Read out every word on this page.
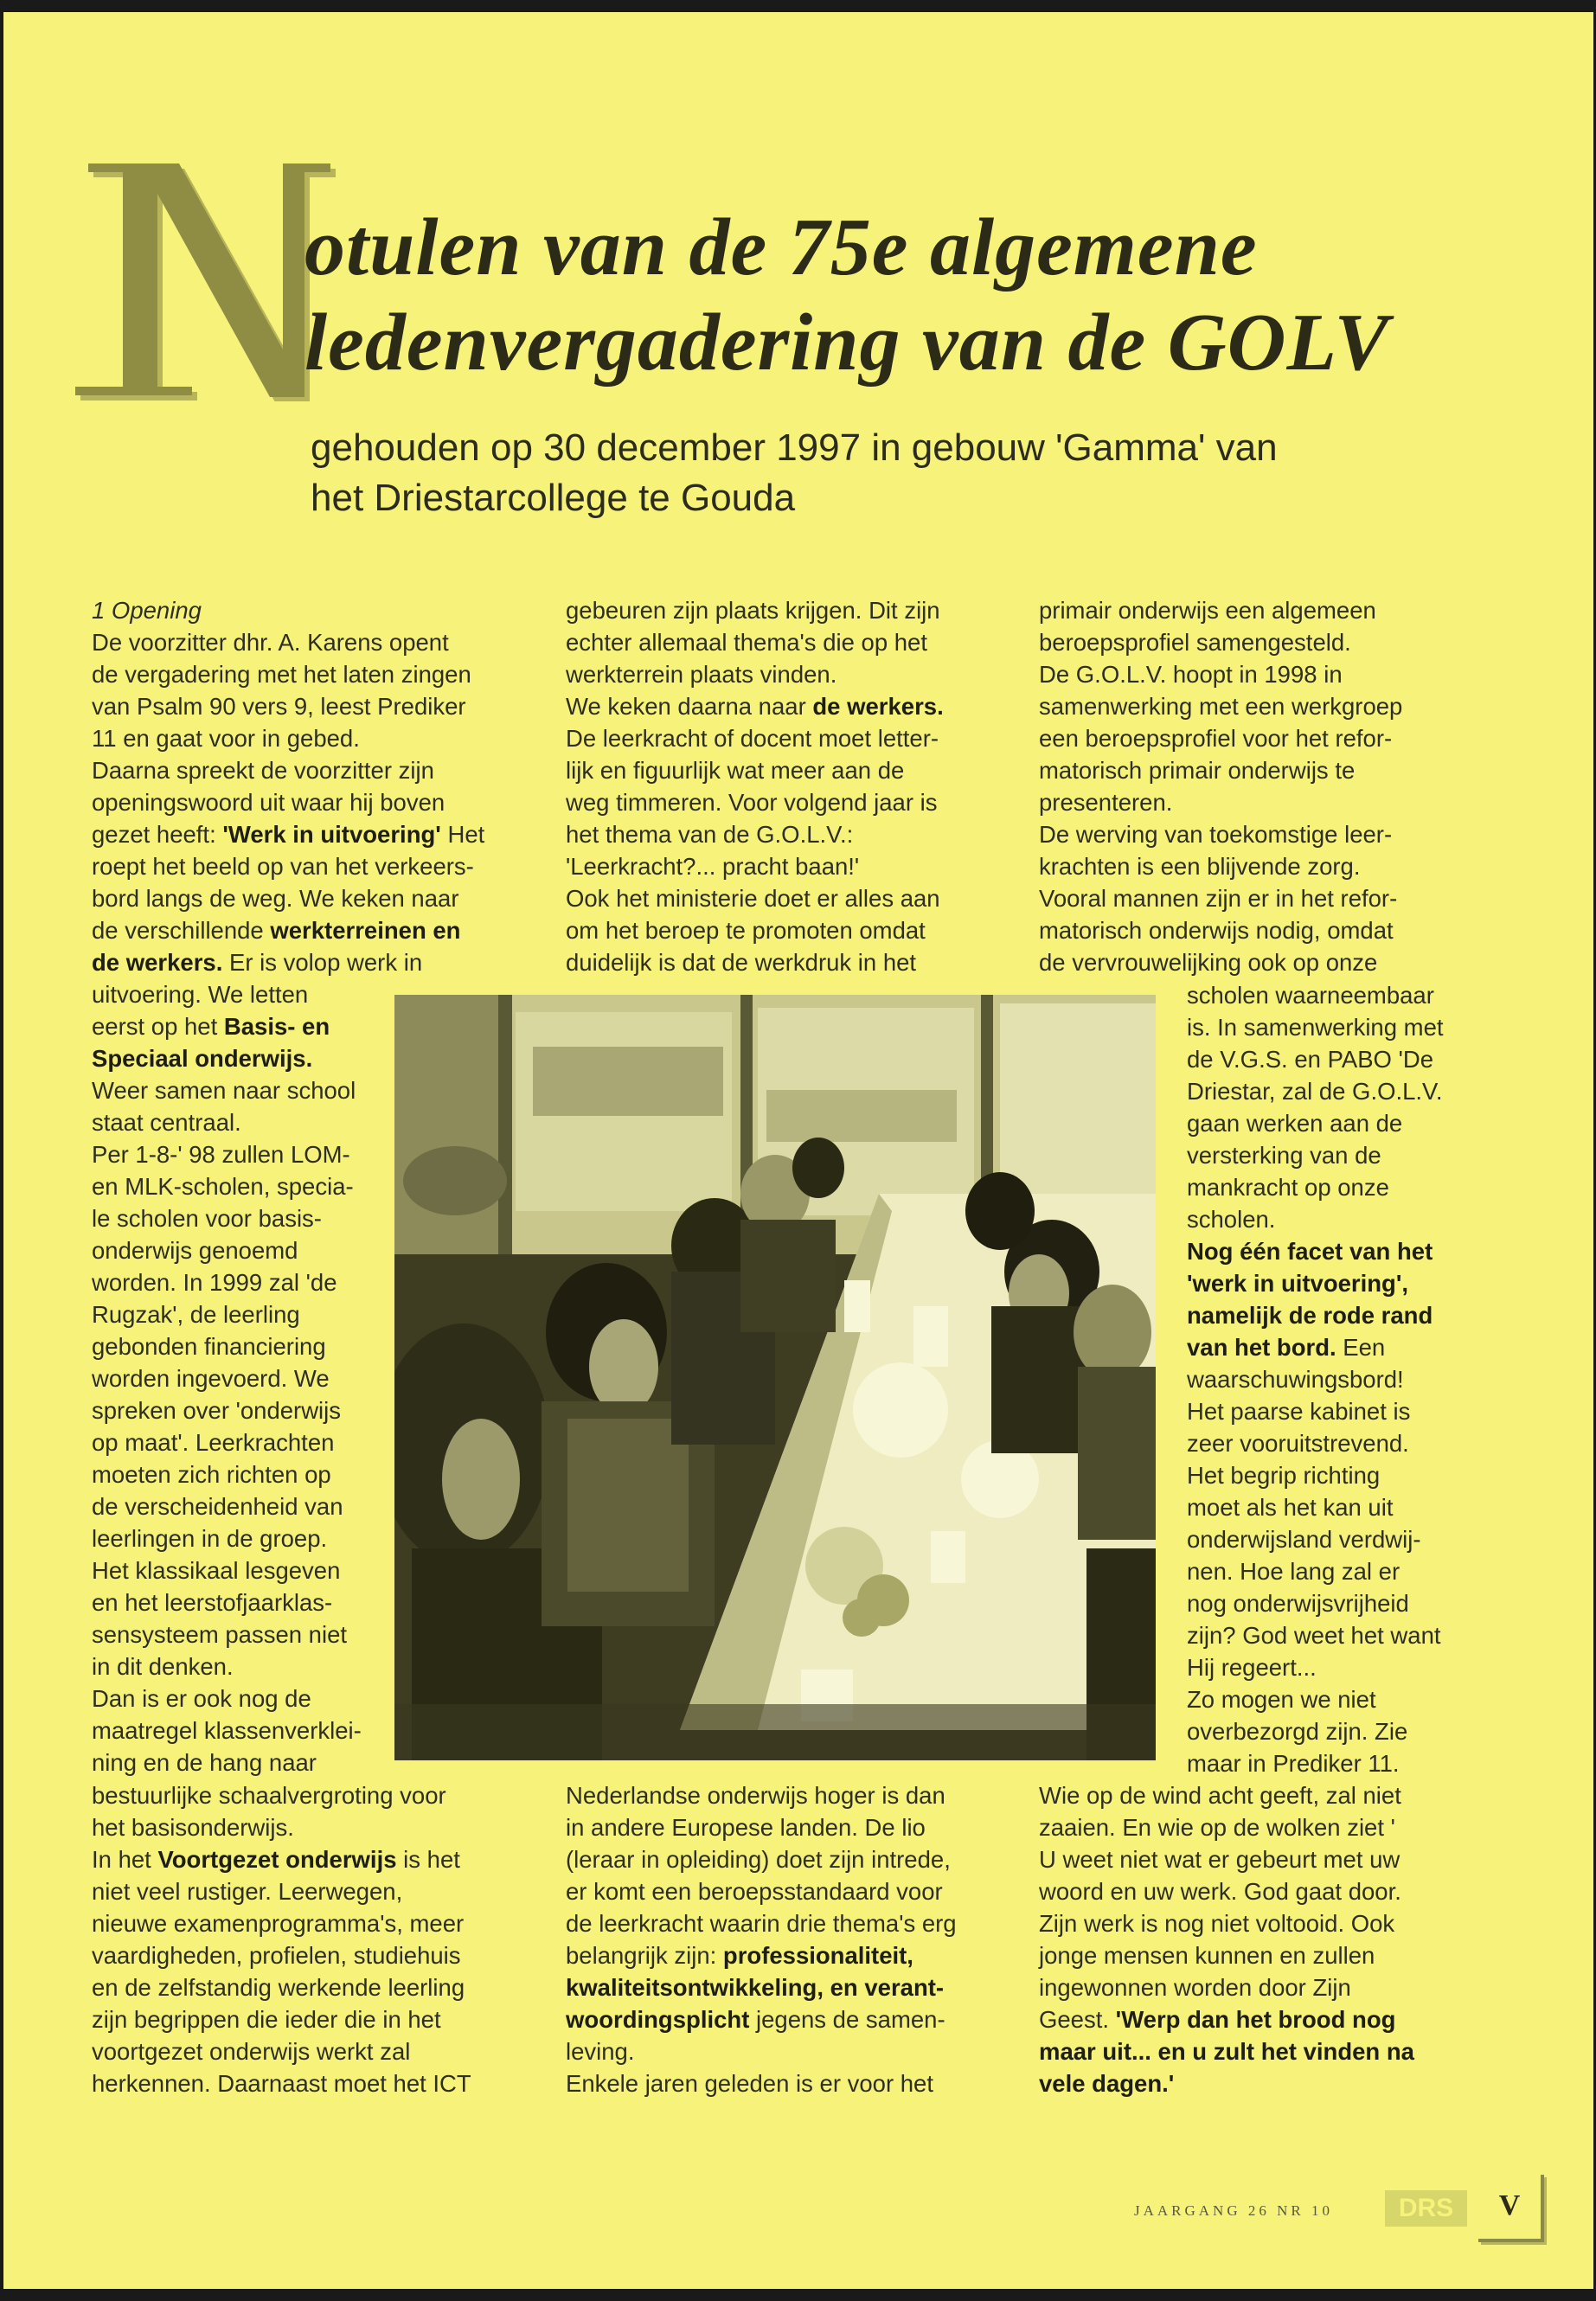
otulen van de 75e algemene
ledenvergadering van de GOLV
gehouden op 30 december 1997 in gebouw 'Gamma' van
het Driestarcollege te Gouda

1 Opening

De voorzitter dhr. A. Karens opent

de vergadering met het laten zingen

van Psalm 90 vers 9, leest Prediker

11 en gaat voor in gebed.

Daarna spreekt de voorzitter zijn

openingswoord uit waar hij boven

gezet heeft: 'Werk in uitvoering' Het

roept het beeld op van het verkeers-

bord langs de weg. We keken naar

de verschillende werkterreinen en

de werkers. Er is volop werk in

uitvoering. We letten

eerst op het Basis- en

Speciaal onderwijs.

Weer samen naar school

staat centraal.

Per 1-8-' 98 zullen LOM-

en MLK-scholen, specia-

le scholen voor basis-

onderwijs genoemd

worden. In 1999 zal 'de

Rugzak', de leerling

gebonden financiering

worden ingevoerd. We

spreken over 'onderwijs

op maat'. Leerkrachten

moeten zich richten op

de verscheidenheid van

leerlingen in de groep.

Het klassikaal lesgeven

en het leerstofjaarklas-

sensysteem passen niet

in dit denken.

Dan is er ook nog de

maatregel klassenverklei-

ning en de hang naar

bestuurlijke schaalvergroting voor

het basisonderwijs.

In het Voortgezet onderwijs is het

niet veel rustiger. Leerwegen,

nieuwe examenprogramma's, meer

vaardigheden, profielen, studiehuis

en de zelfstandig werkende leerling

zijn begrippen die ieder die in het

voortgezet onderwijs werkt zal

herkennen. Daarnaast moet het ICT

gebeuren zijn plaats krijgen. Dit zijn

echter allemaal thema's die op het

werkterrein plaats vinden.

We keken daarna naar de werkers.

De leerkracht of docent moet letter-

lijk en figuurlijk wat meer aan de

weg timmeren. Voor volgend jaar is

het thema van de G.O.L.V.:

'Leerkracht?... pracht baan!'

Ook het ministerie doet er alles aan

om het beroep te promoten omdat

duidelijk is dat de werkdruk in het

Nederlandse onderwijs hoger is dan

in andere Europese landen. De lio

(leraar in opleiding) doet zijn intrede,

er komt een beroepsstandaard voor

de leerkracht waarin drie thema's erg

belangrijk zijn: professionaliteit,

kwaliteitsontwikkeling, en verant-

woordingsplicht jegens de samen-

leving.

Enkele jaren geleden is er voor het

primair onderwijs een algemeen

beroepsprofiel samengesteld.

De G.O.L.V. hoopt in 1998 in

samenwerking met een werkgroep

een beroepsprofiel voor het refor-

matorisch primair onderwijs te

presenteren.

De werving van toekomstige leer-

krachten is een blijvende zorg.

Vooral mannen zijn er in het refor-

matorisch onderwijs nodig, omdat

de vervrouwelijking ook op onze

scholen waarneembaar

is. In samenwerking met

de V.G.S. en PABO 'De

Driestar, zal de G.O.L.V.

gaan werken aan de

versterking van de

mankracht op onze

scholen.

Nog één facet van het

'werk in uitvoering',

namelijk de rode rand

van het bord. Een

waarschuwingsbord!

Het paarse kabinet is

zeer vooruitstrevend.

Het begrip richting

moet als het kan uit

onderwijsland verdwij-

nen. Hoe lang zal er

nog onderwijsvrijheid

zijn? God weet het want

Hij regeert...

Zo mogen we niet

overbezorgd zijn. Zie

maar in Prediker 11.

Wie op de wind acht geeft, zal niet

zaaien. En wie op de wolken ziet '

U weet niet wat er gebeurt met uw

woord en uw werk. God gaat door.

Zijn werk is nog niet voltooid. Ook

jonge mensen kunnen en zullen

ingewonnen worden door Zijn

Geest. 'Werp dan het brood nog

maar uit... en u zult het vinden na

vele dagen.'

JAARGANG 26 NR 10	DRS	V
